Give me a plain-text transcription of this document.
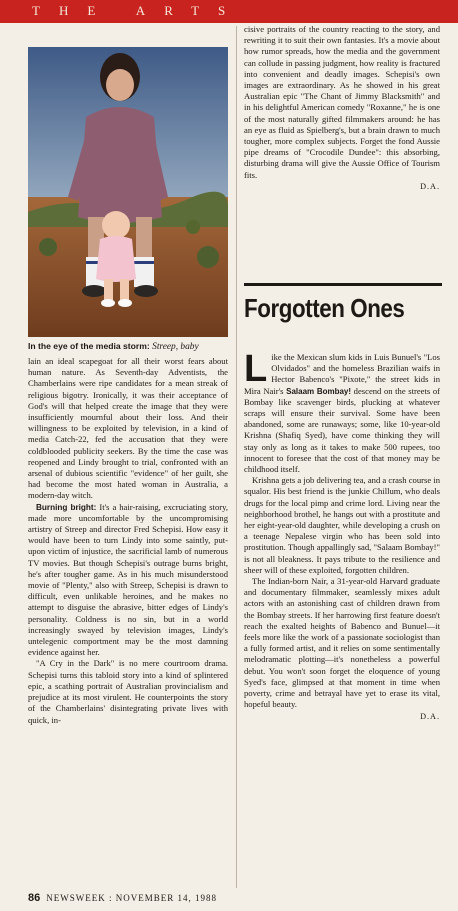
THE ARTS
In the eye of the media storm: Streep, baby

lain an ideal scapegoat for all their worst fears about human nature. As Seventh-day Adventists, the Chamberlains were ripe candidates for a mean streak of religious bigotry. Ironically, it was their acceptance of God's will that helped create the image that they were insufficiently mournful about their loss. And their willingness to be exploited by television, in a kind of media Catch-22, fed the accusation that they were coldblooded publicity seekers. By the time the case was reopened and Lindy brought to trial, confronted with an arsenal of dubious scientific "evidence" of her guilt, she had become the most hated woman in Australia, a modern-day witch.

Burning bright: It's a hair-raising, excruciating story, made more uncomfortable by the uncompromising artistry of Streep and director Fred Schepisi. How easy it would have been to turn Lindy into some saintly, put-upon victim of injustice, the sacrificial lamb of numerous TV movies. But though Schepisi's outrage burns bright, he's after tougher game. As in his much misunderstood movie of "Plenty," also with Streep, Schepisi is drawn to difficult, even unlikable heroines, and he makes no attempt to disguise the abrasive, bitter edges of Lindy's personality. Coldness is no sin, but in a world increasingly swayed by television images, Lindy's untelegenic comportment may be the most damning evidence against her.

"A Cry in the Dark" is no mere courtroom drama. Schepisi turns this tabloid story into a kind of splintered epic, a scathing portrait of Australian provincialism and prejudice at its most virulent. He counterpoints the story of the Chamberlains' disintegrating private lives with quick, in-

cisive portraits of the country reacting to the story, and rewriting it to suit their own fantasies. It's a movie about how rumor spreads, how the media and the government can collude in passing judgment, how reality is fractured into convenient and deadly images. Schepisi's own images are extraordinary. As he showed in his great Australian epic "The Chant of Jimmy Blacksmith" and in his delightful American comedy "Roxanne," he is one of the most naturally gifted filmmakers around: he has an eye as fluid as Spielberg's, but a brain drawn to much tougher, more complex subjects. Forget the fond Aussie pipe dreams of "Crocodile Dundee": this absorbing, disturbing drama will give the Aussie Office of Tourism fits.

D.A.

Forgotten Ones

Like the Mexican slum kids in Luis Bunuel's "Los Olvidados" and the homeless Brazilian waifs in Hector Babenco's "Pixote," the street kids in Mira Nair's Salaam Bombay! descend on the streets of Bombay like scavenger birds, plucking at whatever scraps will ensure their survival. Some have been abandoned, some are runaways; some, like 10-year-old Krishna (Shafiq Syed), have come thinking they will stay only as long as it takes to make 500 rupees, too innocent to foresee that the cost of that money may be childhood itself.

Krishna gets a job delivering tea, and a crash course in squalor. His best friend is the junkie Chillum, who deals drugs for the local pimp and crime lord. Living near the neighborhood brothel, he hangs out with a prostitute and her eight-year-old daughter, while developing a crush on a teenage Nepalese virgin who has been sold into prostitution. Though appallingly sad, "Salaam Bombay!" is not all bleakness. It pays tribute to the resilience and sheer will of these exploited, forgotten children.

The Indian-born Nair, a 31-year-old Harvard graduate and documentary filmmaker, seamlessly mixes adult actors with an astonishing cast of children drawn from the Bombay streets. If her harrowing first feature doesn't reach the exalted heights of Babenco and Bunuel—it feels more like the work of a passionate sociologist than a fully formed artist, and it relies on some sentimentally melodramatic plotting—it's nonetheless a powerful debut. You won't soon forget the eloquence of young Syed's face, glimpsed at that moment in time when poverty, crime and betrayal have yet to erase its vital, hopeful beauty.

D.A.

86 NEWSWEEK : NOVEMBER 14, 1988
